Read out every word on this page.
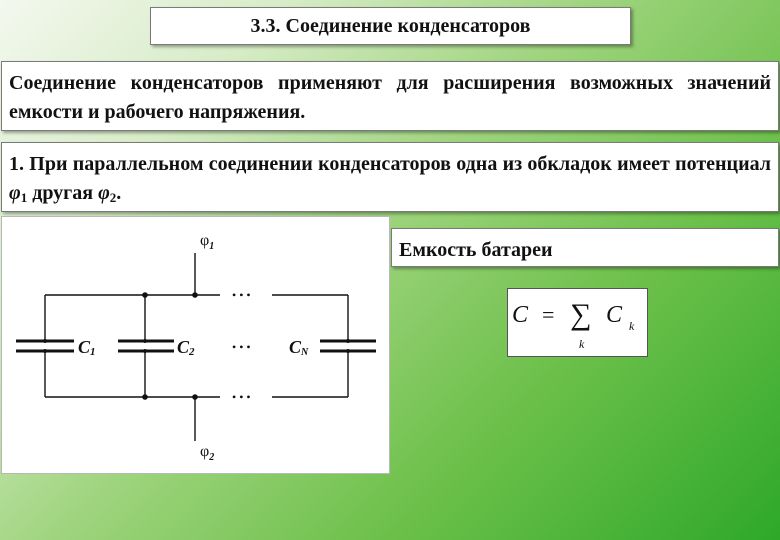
3.3. Соединение конденсаторов
Соединение конденсаторов применяют для расширения возможных значений емкости и рабочего напряжения.
1. При параллельном соединении конденсаторов одна из обкладок имеет потенциал $\varphi_1$ другая $\varphi_2$.
• • •
• • •
• • •
$\varphi_1$
$\varphi_2$
C1	C2	CN
Емкость батареи
C = ∑
k
C k
